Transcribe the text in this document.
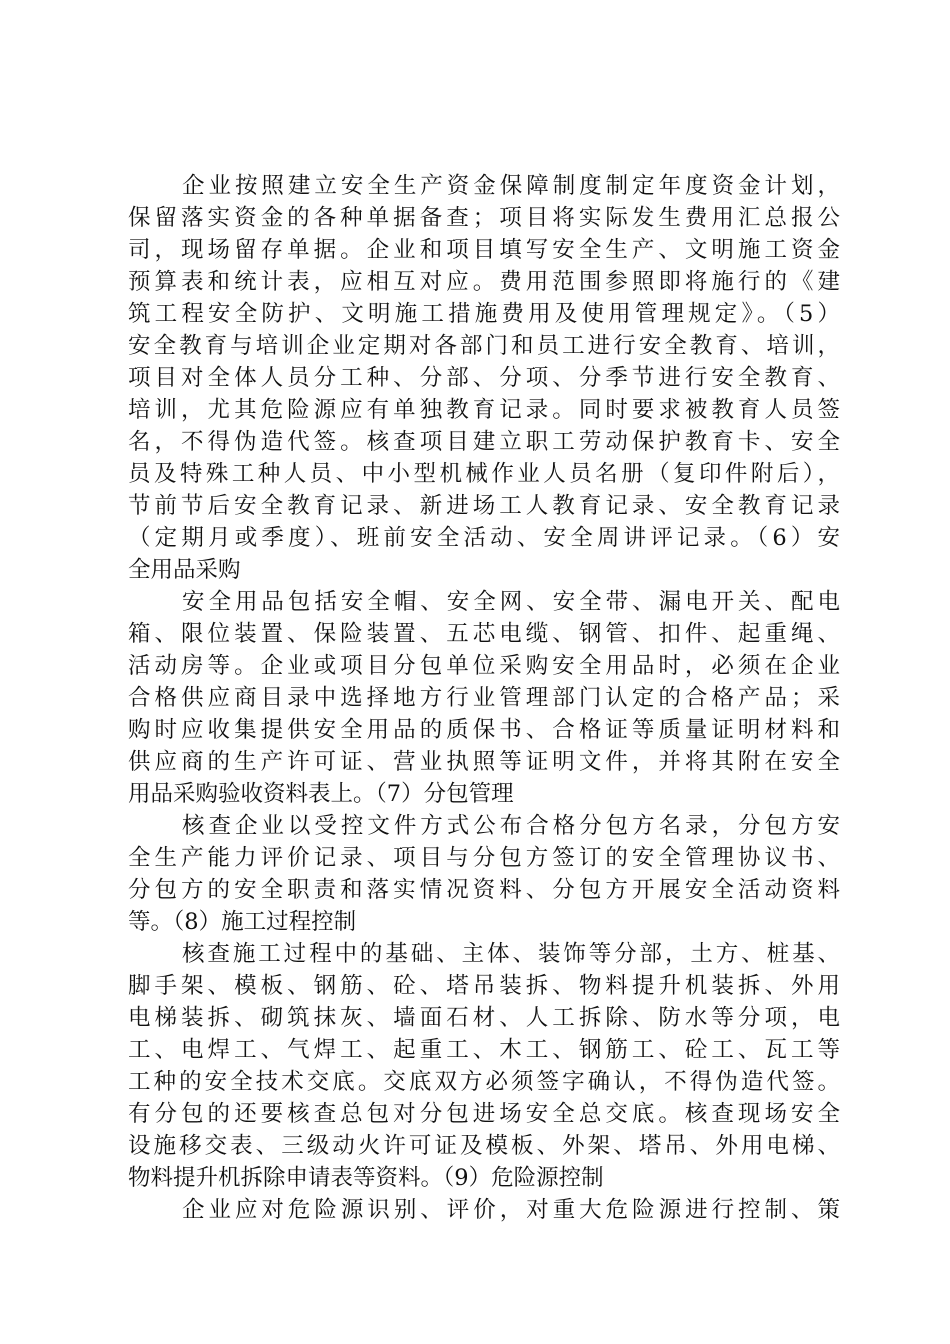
企业按照建立安全生产资金保障制度制定年度资金计划，
保留落实资金的各种单据备查；项目将实际发生费用汇总报公
司，现场留存单据。企业和项目填写安全生产、文明施工资金
预算表和统计表，应相互对应。费用范围参照即将施行的《建
筑工程安全防护、文明施工措施费用及使用管理规定》。（5）
安全教育与培训企业定期对各部门和员工进行安全教育、培训，
项目对全体人员分工种、分部、分项、分季节进行安全教育、
培训，尤其危险源应有单独教育记录。同时要求被教育人员签
名，不得伪造代签。核查项目建立职工劳动保护教育卡、安全
员及特殊工种人员、中小型机械作业人员名册（复印件附后），
节前节后安全教育记录、新进场工人教育记录、安全教育记录
（定期月或季度）、班前安全活动、安全周讲评记录。（6）安
全用品采购
安全用品包括安全帽、安全网、安全带、漏电开关、配电
箱、限位装置、保险装置、五芯电缆、钢管、扣件、起重绳、
活动房等。企业或项目分包单位采购安全用品时，必须在企业
合格供应商目录中选择地方行业管理部门认定的合格产品；采
购时应收集提供安全用品的质保书、合格证等质量证明材料和
供应商的生产许可证、营业执照等证明文件，并将其附在安全
用品采购验收资料表上。（7）分包管理
核查企业以受控文件方式公布合格分包方名录，分包方安
全生产能力评价记录、项目与分包方签订的安全管理协议书、
分包方的安全职责和落实情况资料、分包方开展安全活动资料
等。（8）施工过程控制
核查施工过程中的基础、主体、装饰等分部，土方、桩基、
脚手架、模板、钢筋、砼、塔吊装拆、物料提升机装拆、外用
电梯装拆、砌筑抹灰、墙面石材、人工拆除、防水等分项，电
工、电焊工、气焊工、起重工、木工、钢筋工、砼工、瓦工等
工种的安全技术交底。交底双方必须签字确认，不得伪造代签。
有分包的还要核查总包对分包进场安全总交底。核查现场安全
设施移交表、三级动火许可证及模板、外架、塔吊、外用电梯、
物料提升机拆除申请表等资料。（9）危险源控制
企业应对危险源识别、评价，对重大危险源进行控制、策
